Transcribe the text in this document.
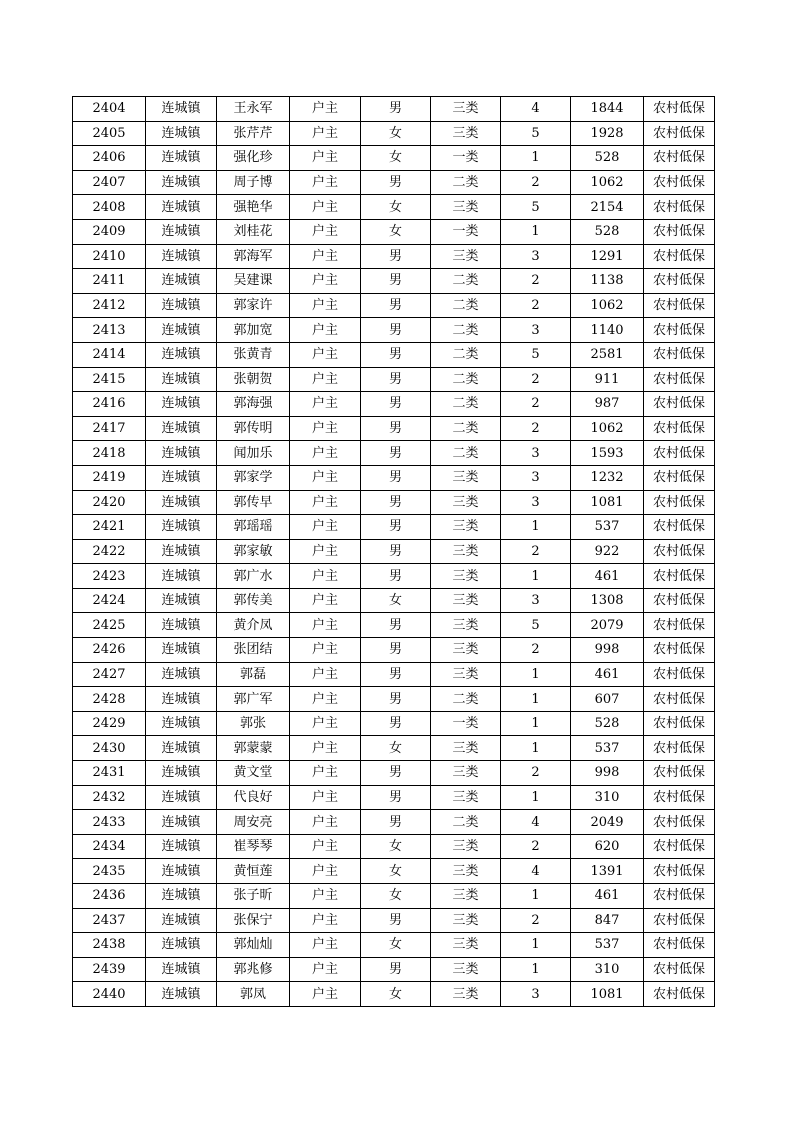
2404	连城镇	王永军	户主	男	三类	4	1844	农村低保
2405	连城镇	张芹芹	户主	女	三类	5	1928	农村低保
2406	连城镇	强化珍	户主	女	一类	1	528	农村低保
2407	连城镇	周子博	户主	男	二类	2	1062	农村低保
2408	连城镇	强艳华	户主	女	三类	5	2154	农村低保
2409	连城镇	刘桂花	户主	女	一类	1	528	农村低保
2410	连城镇	郭海军	户主	男	三类	3	1291	农村低保
2411	连城镇	吴建课	户主	男	二类	2	1138	农村低保
2412	连城镇	郭家许	户主	男	二类	2	1062	农村低保
2413	连城镇	郭加宽	户主	男	二类	3	1140	农村低保
2414	连城镇	张黄青	户主	男	二类	5	2581	农村低保
2415	连城镇	张朝贺	户主	男	二类	2	911	农村低保
2416	连城镇	郭海强	户主	男	二类	2	987	农村低保
2417	连城镇	郭传明	户主	男	二类	2	1062	农村低保
2418	连城镇	闻加乐	户主	男	二类	3	1593	农村低保
2419	连城镇	郭家学	户主	男	三类	3	1232	农村低保
2420	连城镇	郭传早	户主	男	三类	3	1081	农村低保
2421	连城镇	郭瑶瑶	户主	男	三类	1	537	农村低保
2422	连城镇	郭家敏	户主	男	三类	2	922	农村低保
2423	连城镇	郭广水	户主	男	三类	1	461	农村低保
2424	连城镇	郭传美	户主	女	三类	3	1308	农村低保
2425	连城镇	黄介凤	户主	男	三类	5	2079	农村低保
2426	连城镇	张团结	户主	男	三类	2	998	农村低保
2427	连城镇	郭磊	户主	男	三类	1	461	农村低保
2428	连城镇	郭广军	户主	男	二类	1	607	农村低保
2429	连城镇	郭张	户主	男	一类	1	528	农村低保
2430	连城镇	郭蒙蒙	户主	女	三类	1	537	农村低保
2431	连城镇	黄文堂	户主	男	三类	2	998	农村低保
2432	连城镇	代良好	户主	男	三类	1	310	农村低保
2433	连城镇	周安亮	户主	男	二类	4	2049	农村低保
2434	连城镇	崔琴琴	户主	女	三类	2	620	农村低保
2435	连城镇	黄恒莲	户主	女	三类	4	1391	农村低保
2436	连城镇	张子昕	户主	女	三类	1	461	农村低保
2437	连城镇	张保宁	户主	男	三类	2	847	农村低保
2438	连城镇	郭灿灿	户主	女	三类	1	537	农村低保
2439	连城镇	郭兆修	户主	男	三类	1	310	农村低保
2440	连城镇	郭凤	户主	女	三类	3	1081	农村低保
